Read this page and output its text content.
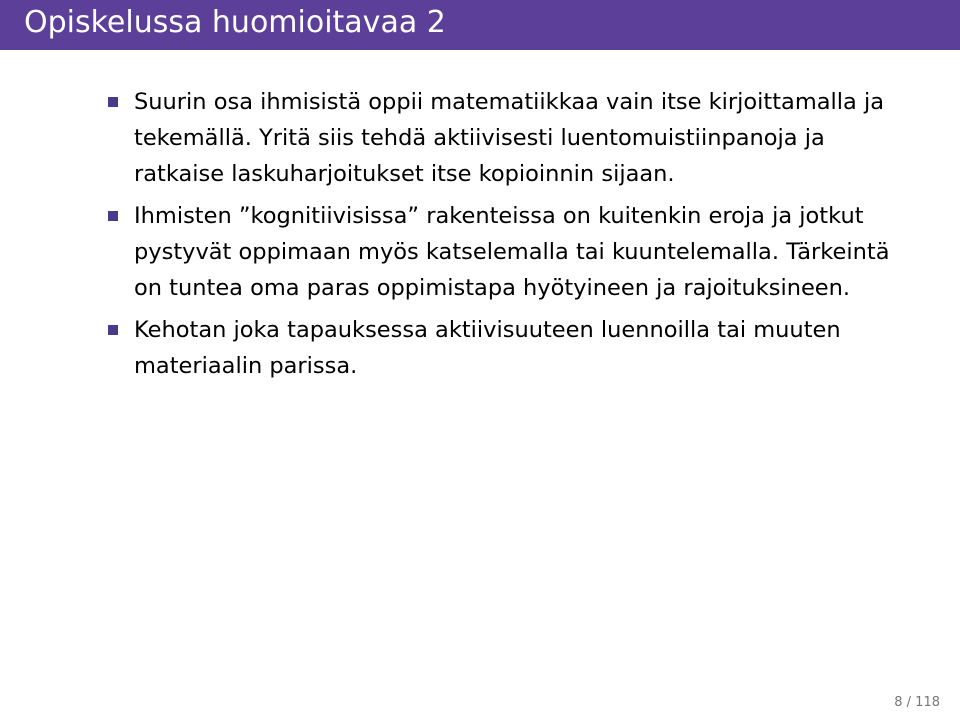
Opiskelussa huomioitavaa 2
Suurin osa ihmisistä oppii matematiikkaa vain itse kirjoittamalla ja tekemällä. Yritä siis tehdä aktiivisesti luentomuistiinpanoja ja ratkaise laskuharjoitukset itse kopioinnin sijaan.
Ihmisten ”kognitiivisissa” rakenteissa on kuitenkin eroja ja jotkut pystyvät oppimaan myös katselemalla tai kuuntelemalla. Tärkeintä on tuntea oma paras oppimistapa hyötyineen ja rajoituksineen.
Kehotan joka tapauksessa aktiivisuuteen luennoilla tai muuten materiaalin parissa.
8 / 118
